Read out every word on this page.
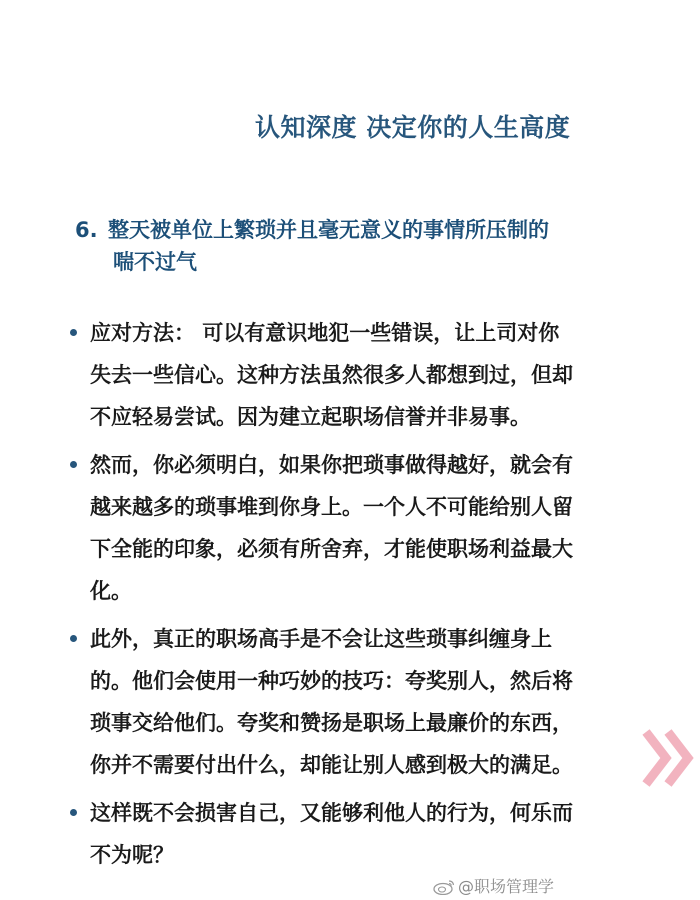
认知深度 决定你的人生高度
6. 整天被单位上繁琐并且毫无意义的事情所压制的
喘不过气
应对方法： 可以有意识地犯一些错误，让上司对你
失去一些信心。这种方法虽然很多人都想到过，但却
不应轻易尝试。因为建立起职场信誉并非易事。
然而，你必须明白，如果你把琐事做得越好，就会有
越来越多的琐事堆到你身上。一个人不可能给别人留
下全能的印象，必须有所舍弃，才能使职场利益最大
化。
此外，真正的职场高手是不会让这些琐事纠缠身上
的。他们会使用一种巧妙的技巧：夸奖别人，然后将
琐事交给他们。夸奖和赞扬是职场上最廉价的东西，
你并不需要付出什么，却能让别人感到极大的满足。
这样既不会损害自己，又能够利他人的行为，何乐而
不为呢？
@职场管理学
